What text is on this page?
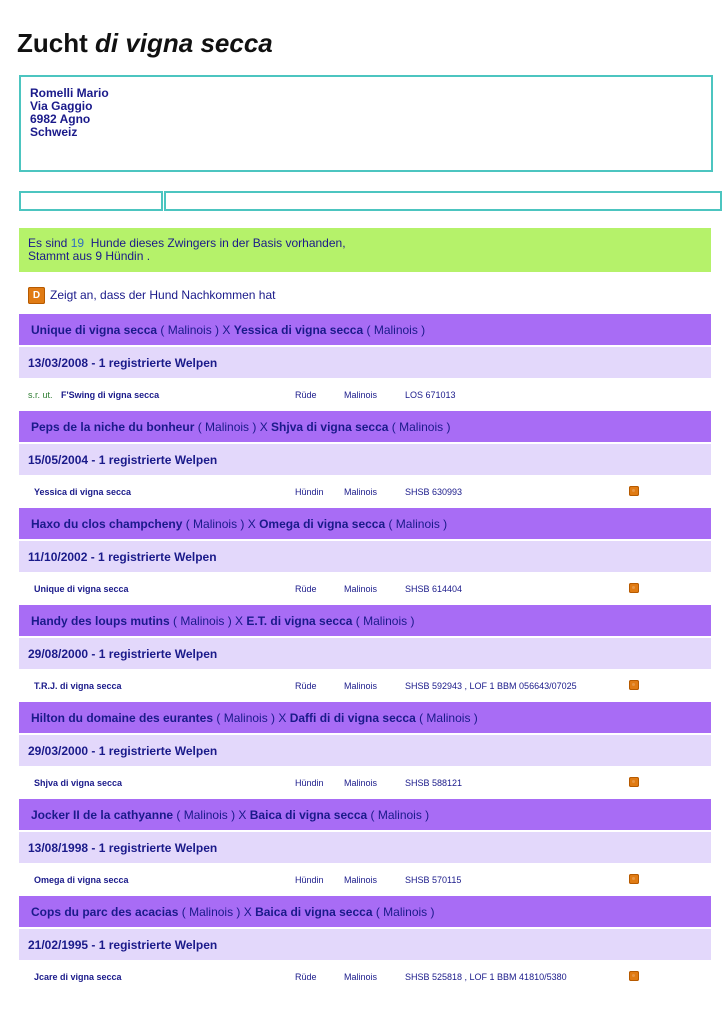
Zucht di vigna secca
Romelli Mario
Via Gaggio
6982 Agno
Schweiz
Es sind 19  Hunde dieses Zwingers in der Basis vorhanden,
Stammt aus 9 Hündin .
D Zeigt an, dass der Hund Nachkommen hat
Unique di vigna secca ( Malinois ) X Yessica di vigna secca ( Malinois )
13/03/2008 - 1 registrierte Welpen
s.r. ut. F'Swing di vigna secca	Rüde	Malinois	LOS 671013
Peps de la niche du bonheur ( Malinois ) X Shjva di vigna secca ( Malinois )
15/05/2004 - 1 registrierte Welpen
Yessica di vigna secca	Hündin Malinois	SHSB 630993
Haxo du clos champcheny ( Malinois ) X Omega di vigna secca ( Malinois )
11/10/2002 - 1 registrierte Welpen
Unique di vigna secca	Rüde	Malinois	SHSB 614404
Handy des loups mutins ( Malinois ) X E.T. di vigna secca ( Malinois )
29/08/2000 - 1 registrierte Welpen
T.R.J. di vigna secca	Rüde	Malinois	SHSB 592943 , LOF 1 BBM 056643/07025
Hilton du domaine des eurantes ( Malinois ) X Daffi di di vigna secca ( Malinois )
29/03/2000 - 1 registrierte Welpen
Shjva di vigna secca	Hündin Malinois	SHSB 588121
Jocker II de la cathyanne ( Malinois ) X Baica di vigna secca ( Malinois )
13/08/1998 - 1 registrierte Welpen
Omega di vigna secca	Hündin Malinois	SHSB 570115
Cops du parc des acacias ( Malinois ) X Baica di vigna secca ( Malinois )
21/02/1995 - 1 registrierte Welpen
Jcare di vigna secca	Rüde	Malinois	SHSB 525818 , LOF 1 BBM 41810/5380
